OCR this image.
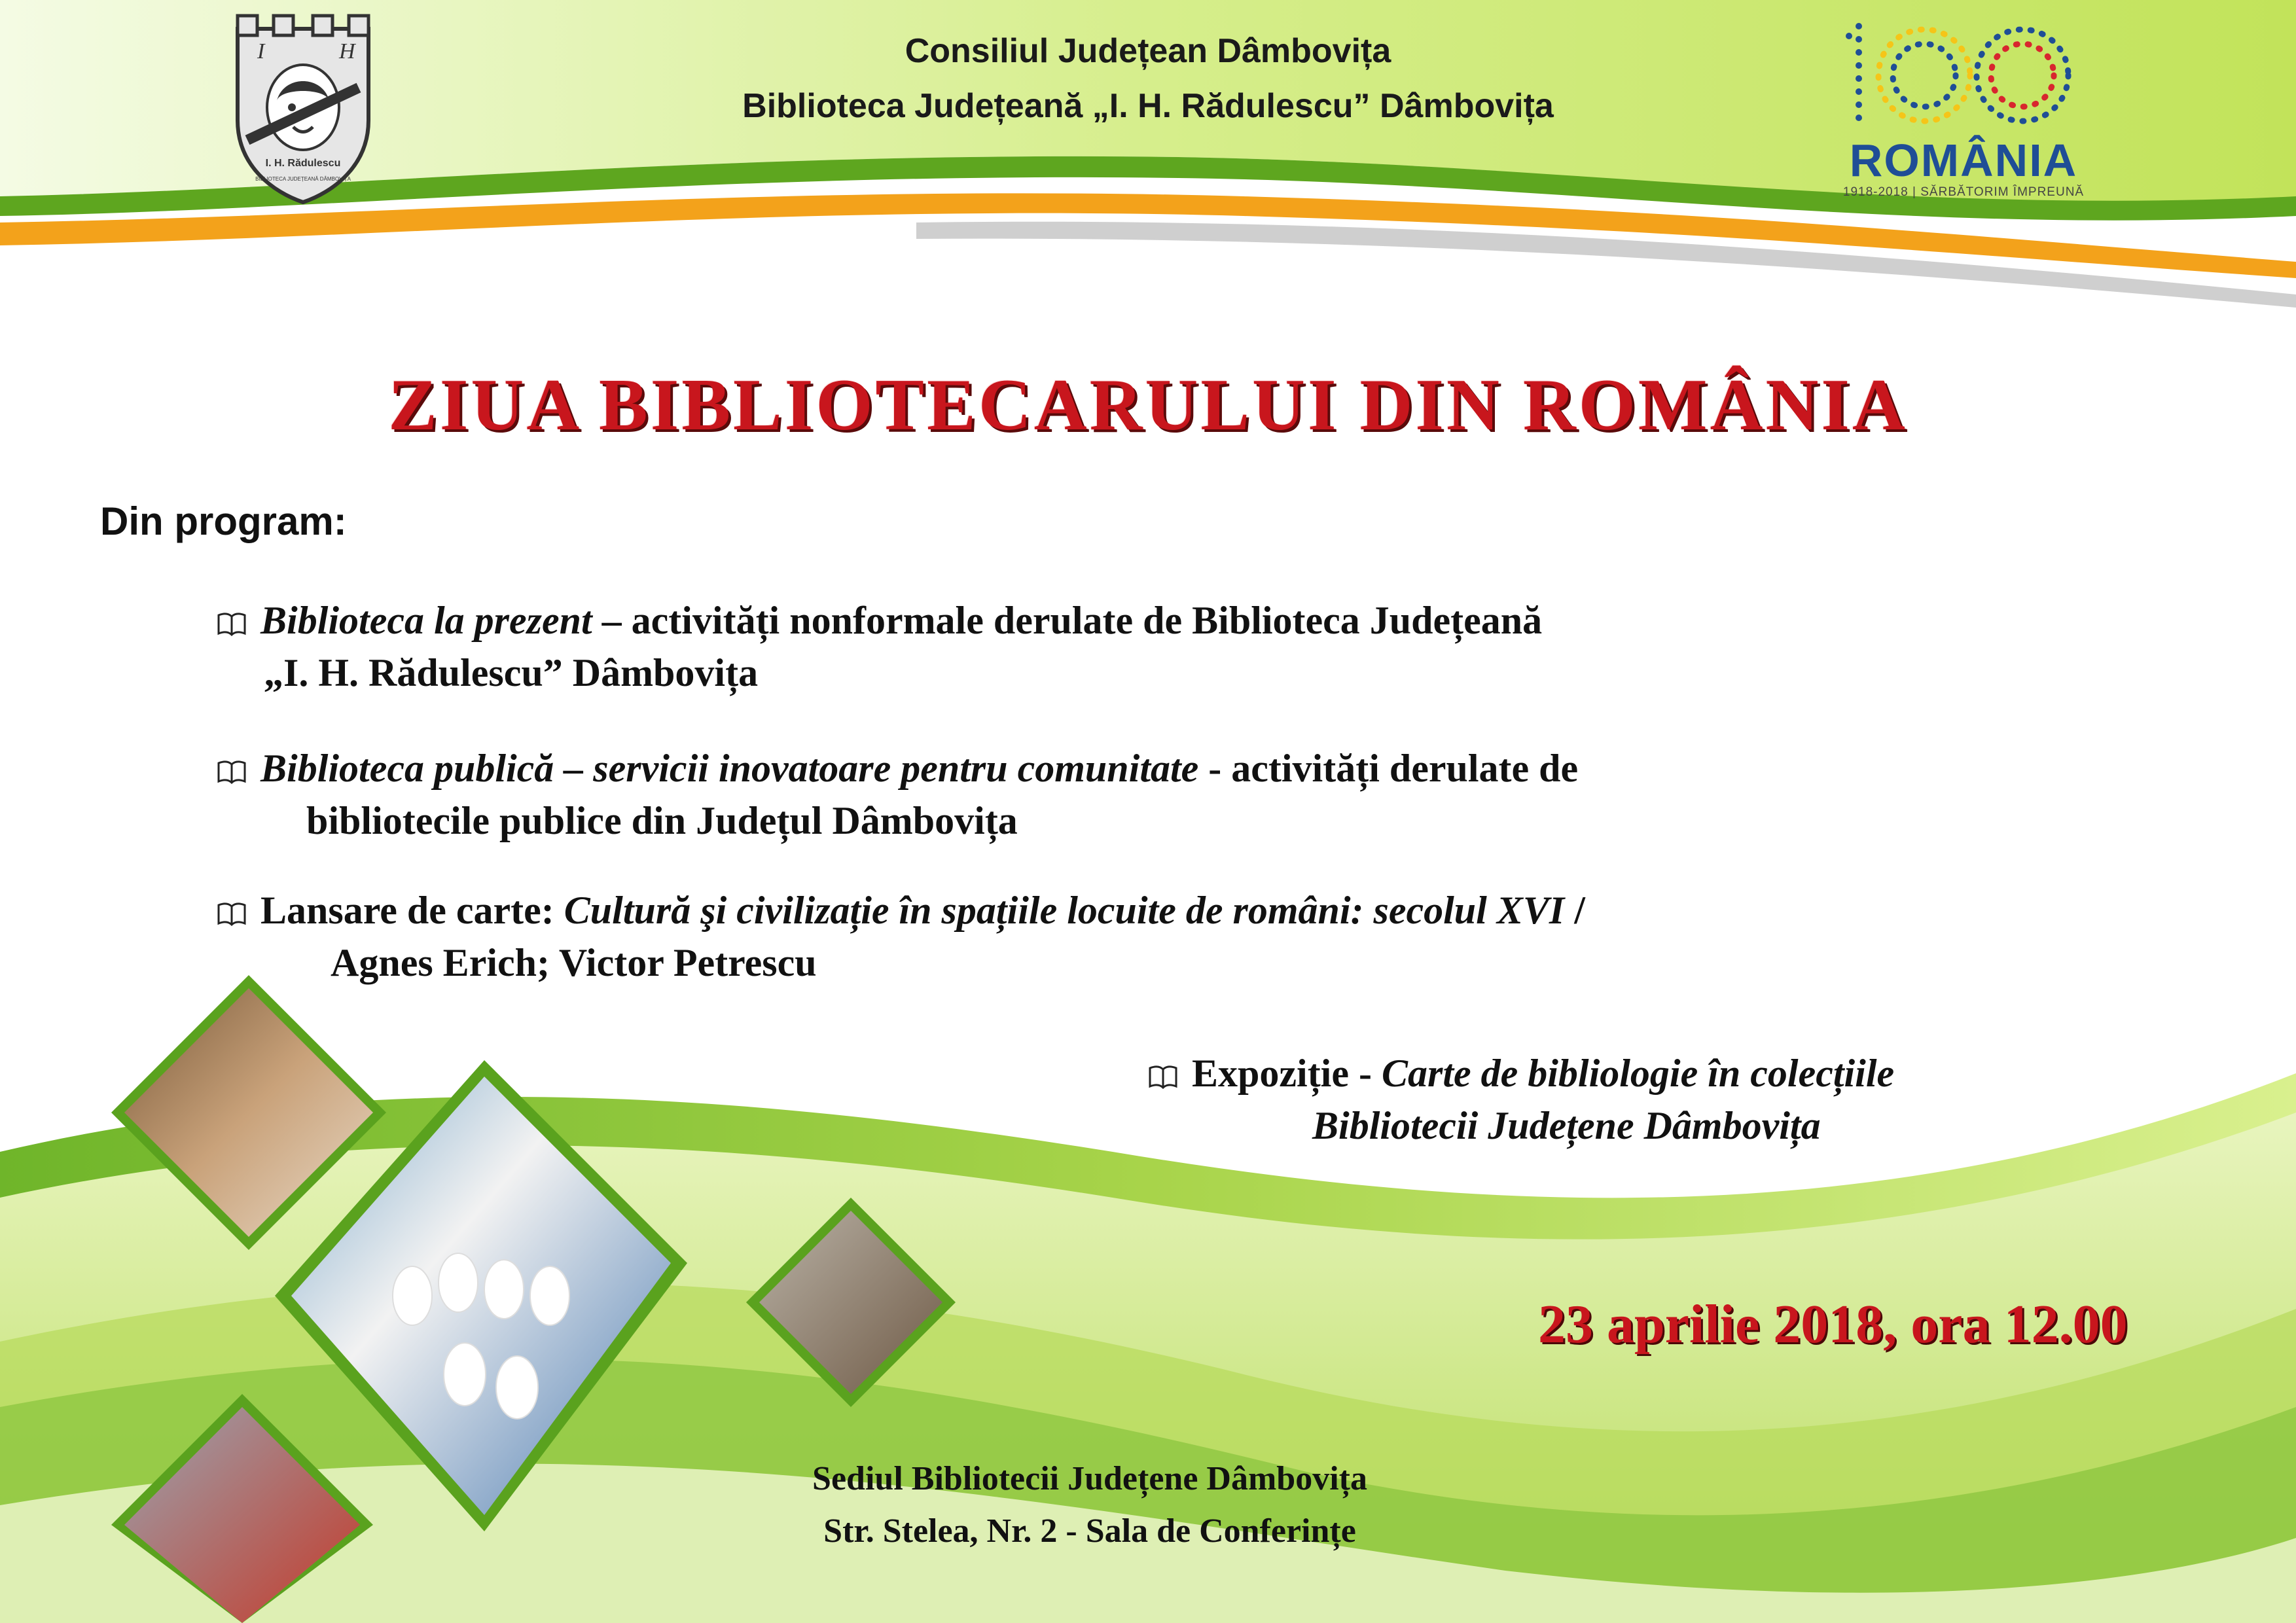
Consiliul Județean Dâmbovița
Biblioteca Județeană „I. H. Rădulescu” Dâmbovița
I	H
I. H. Rădulescu
BIBLIOTECA JUDEȚEANĂ DÂMBOVIȚA	ROMÂNIA
1918-2018 | SĂRBĂTORIM ÎMPREUNĂ
ZIUA BIBLIOTECARULUI DIN ROMÂNIA
Din program:
Biblioteca la prezent – activități nonformale derulate de Biblioteca Județeană
„I. H. Rădulescu” Dâmbovița
Biblioteca publică – servicii inovatoare pentru comunitate - activități derulate de
bibliotecile publice din Județul Dâmbovița
Lansare de carte: Cultură şi civilizație în spațiile locuite de români: secolul XVI /
Agnes Erich; Victor Petrescu
Expoziție - Carte de bibliologie în colecțiile
Bibliotecii Județene Dâmbovița
23 aprilie 2018, ora 12.00
Sediul Bibliotecii Județene Dâmbovița
Str. Stelea, Nr. 2 - Sala de Conferințe
